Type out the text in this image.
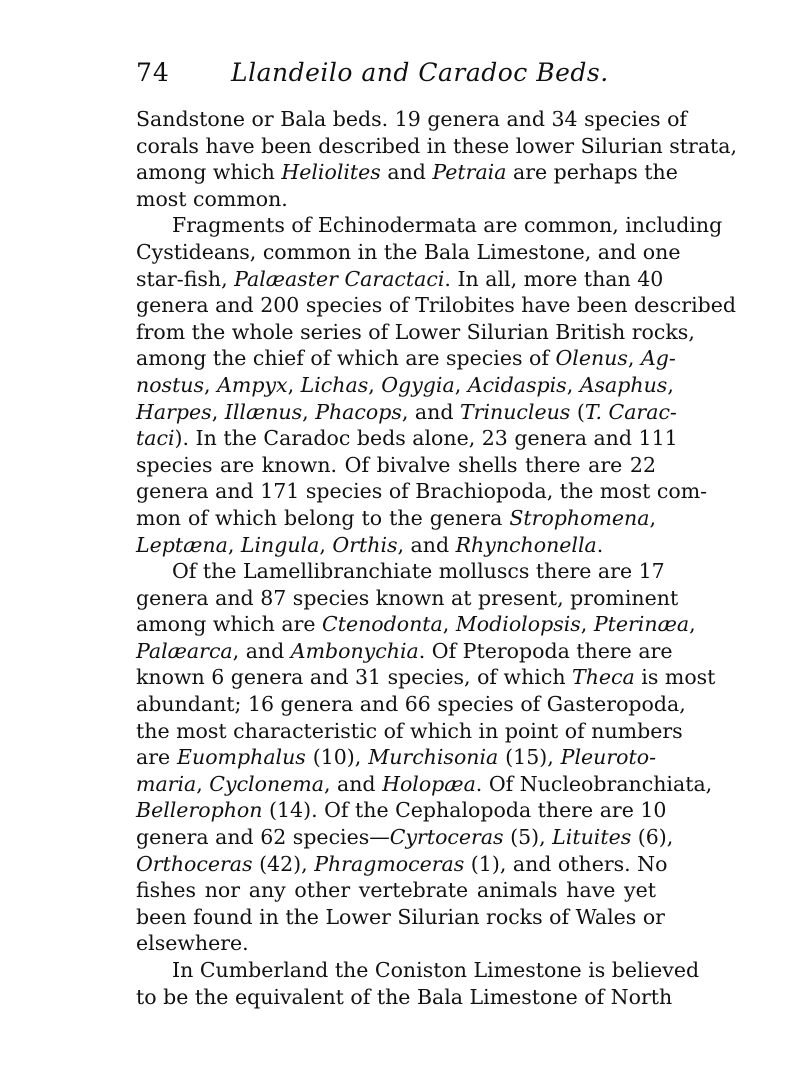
74 Llandeilo and Caradoc Beds.
Sandstone or Bala beds. 19 genera and 34 species of
corals have been described in these lower Silurian strata,
among which Heliolites and Petraia are perhaps the
most common.
Fragments of Echinodermata are common, including
Cystideans, common in the Bala Limestone, and one
star-fish, Palæaster Caractaci. In all, more than 40
genera and 200 species of Trilobites have been described
from the whole series of Lower Silurian British rocks,
among the chief of which are species of Olenus, Ag-
nostus, Ampyx, Lichas, Ogygia, Acidaspis, Asaphus,
Harpes, Illænus, Phacops, and Trinucleus (T. Carac-
taci). In the Caradoc beds alone, 23 genera and 111
species are known. Of bivalve shells there are 22
genera and 171 species of Brachiopoda, the most com-
mon of which belong to the genera Strophomena,
Leptæna, Lingula, Orthis, and Rhynchonella.
Of the Lamellibranchiate molluscs there are 17
genera and 87 species known at present, prominent
among which are Ctenodonta, Modiolopsis, Pterinæa,
Palæarca, and Ambonychia. Of Pteropoda there are
known 6 genera and 31 species, of which Theca is most
abundant; 16 genera and 66 species of Gasteropoda,
the most characteristic of which in point of numbers
are Euomphalus (10), Murchisonia (15), Pleuroto-
maria, Cyclonema, and Holopæa. Of Nucleobranchiata,
Bellerophon (14). Of the Cephalopoda there are 10
genera and 62 species—Cyrtoceras (5), Lituites (6),
Orthoceras (42), Phragmoceras (1), and others. No
fishes nor any other vertebrate animals have yet
been found in the Lower Silurian rocks of Wales or
elsewhere.
In Cumberland the Coniston Limestone is believed
to be the equivalent of the Bala Limestone of North
